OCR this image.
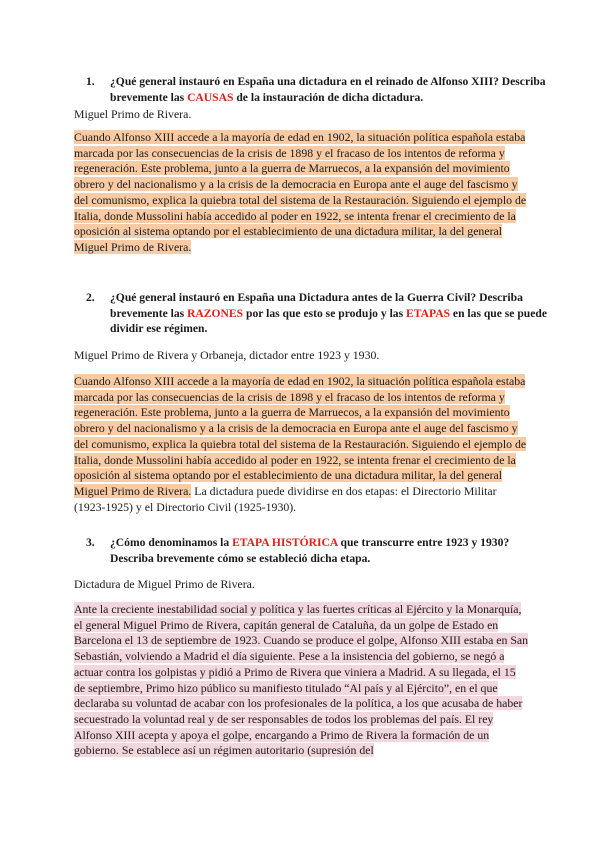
1. ¿Qué general instauró en España una dictadura en el reinado de Alfonso XIII? Describa brevemente las CAUSAS de la instauración de dicha dictadura.
Miguel Primo de Rivera.
Cuando Alfonso XIII accede a la mayoría de edad en 1902, la situación política española estaba marcada por las consecuencias de la crisis de 1898 y el fracaso de los intentos de reforma y regeneración. Este problema, junto a la guerra de Marruecos, a la expansión del movimiento obrero y del nacionalismo y a la crisis de la democracia en Europa ante el auge del fascismo y del comunismo, explica la quiebra total del sistema de la Restauración. Siguiendo el ejemplo de Italia, donde Mussolini había accedido al poder en 1922, se intenta frenar el crecimiento de la oposición al sistema optando por el establecimiento de una dictadura militar, la del general Miguel Primo de Rivera.
2. ¿Qué general instauró en España una Dictadura antes de la Guerra Civil? Describa brevemente las RAZONES por las que esto se produjo y las ETAPAS en las que se puede dividir ese régimen.
Miguel Primo de Rivera y Orbaneja, dictador entre 1923 y 1930.
Cuando Alfonso XIII accede a la mayoría de edad en 1902, la situación política española estaba marcada por las consecuencias de la crisis de 1898 y el fracaso de los intentos de reforma y regeneración. Este problema, junto a la guerra de Marruecos, a la expansión del movimiento obrero y del nacionalismo y a la crisis de la democracia en Europa ante el auge del fascismo y del comunismo, explica la quiebra total del sistema de la Restauración. Siguiendo el ejemplo de Italia, donde Mussolini había accedido al poder en 1922, se intenta frenar el crecimiento de la oposición al sistema optando por el establecimiento de una dictadura militar, la del general Miguel Primo de Rivera. La dictadura puede dividirse en dos etapas: el Directorio Militar (1923-1925) y el Directorio Civil (1925-1930).
3. ¿Cómo denominamos la ETAPA HISTÓRICA que transcurre entre 1923 y 1930? Describa brevemente cómo se estableció dicha etapa.
Dictadura de Miguel Primo de Rivera.
Ante la creciente inestabilidad social y política y las fuertes críticas al Ejército y la Monarquía, el general Miguel Primo de Rivera, capitán general de Cataluña, da un golpe de Estado en Barcelona el 13 de septiembre de 1923. Cuando se produce el golpe, Alfonso XIII estaba en San Sebastián, volviendo a Madrid el día siguiente. Pese a la insistencia del gobierno, se negó a actuar contra los golpistas y pidió a Primo de Rivera que viniera a Madrid. A su llegada, el 15 de septiembre, Primo hizo público su manifiesto titulado “Al país y al Ejército”, en el que declaraba su voluntad de acabar con los profesionales de la política, a los que acusaba de haber secuestrado la voluntad real y de ser responsables de todos los problemas del país. El rey Alfonso XIII acepta y apoya el golpe, encargando a Primo de Rivera la formación de un gobierno. Se establece así un régimen autoritario (supresión del
